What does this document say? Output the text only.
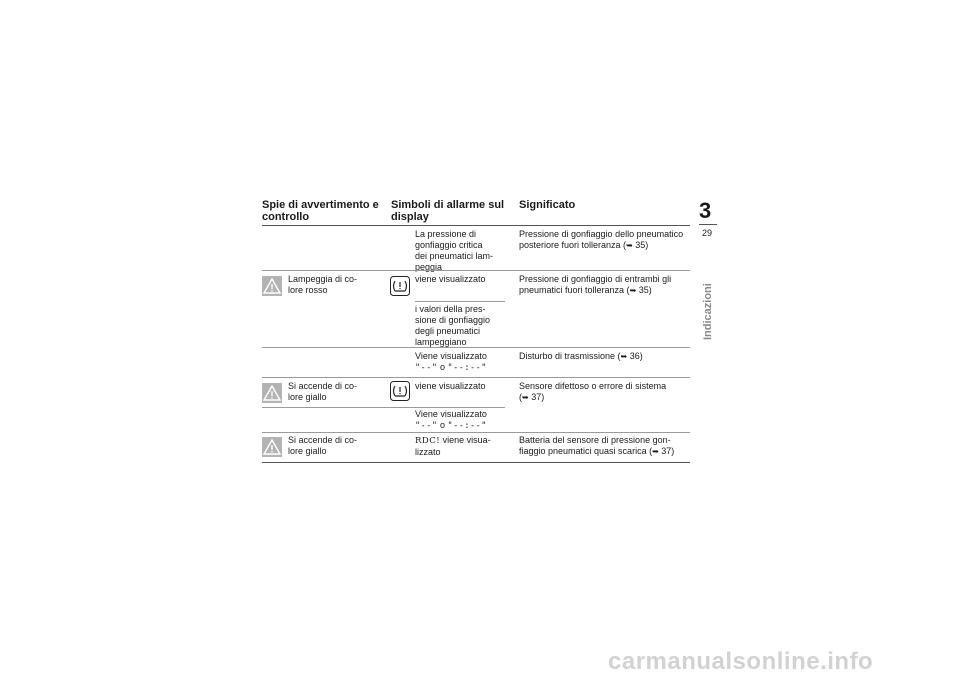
Spie di avvertimento e
controllo
Simboli di allarme sul
display
Significato
La pressione di
gonfiaggio critica
dei pneumatici lam-
peggia
Pressione di gonfiaggio dello pneumatico
posteriore fuori tolleranza (➥ 35)
Lampeggia di co-
lore rosso
viene visualizzato	Pressione di gonfiaggio di entrambi gli
pneumatici fuori tolleranza (➥ 35)
i valori della pres-
sione di gonfiaggio
degli pneumatici
lampeggiano
Viene visualizzato
"--" o "--:--"
Disturbo di trasmissione (➥ 36)
Si accende di co-
lore giallo
viene visualizzato	Sensore difettoso o errore di sistema
(➥ 37)
Viene visualizzato
"--" o "--:--"
Si accende di co-
lore giallo
RDC! viene visua-
lizzato
Batteria del sensore di pressione gon-
fiaggio pneumatici quasi scarica (➥ 37)
3
29
Indicazioni
carmanualsonline.info
